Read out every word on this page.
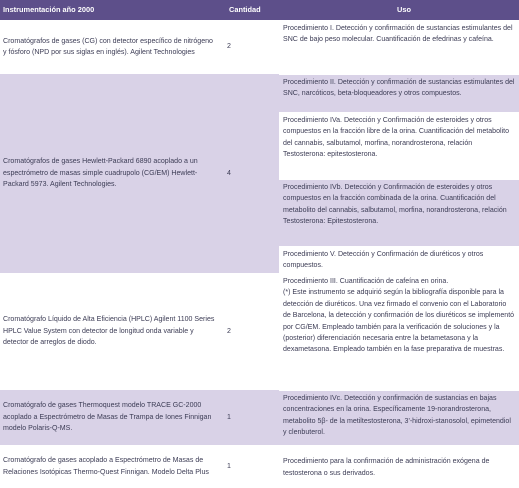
Instrumentación año 2000	Cantidad	Uso
Cromatógrafos de gases (CG) con detector específico de nitrógeno y fósforo (NPD por sus siglas en inglés). Agilent Technologies
2
Procedimiento I. Detección y confirmación de sustancias estimulantes del SNC de bajo peso molecular. Cuantificación de efedrinas y cafeína.
Cromatógrafos de gases Hewlett-Packard 6890 acoplado a un espectrómetro de masas simple cuadrupolo (CG/EM) Hewlett-Packard 5973. Agilent Technologies.
4
Procedimiento II. Detección y confirmación de sustancias estimulantes del SNC, narcóticos, beta-bloqueadores y otros compuestos.
Procedimiento IVa. Detección y Confirmación de esteroides y otros compuestos en la fracción libre de la orina. Cuantificación del metabolito del cannabis, salbutamol, morfina, norandrosterona, relación Testosterona: epitestosterona.
Procedimiento IVb. Detección y Confirmación de esteroides y otros compuestos en la fracción combinada de la orina. Cuantificación del metabolito del cannabis, salbutamol, morfina, norandrosterona, relación Testosterona: Epitestosterona.
Procedimiento V. Detección y Confirmación de diuréticos y otros compuestos.
Cromatógrafo Líquido de Alta Eficiencia (HPLC) Agilent 1100 Series HPLC Value System con detector de longitud onda variable y detector de arreglos de diodo.
2
Procedimiento III. Cuantificación de cafeína en orina.
(*) Este instrumento se adquirió según la bibliografía disponible para la detección de diuréticos. Una vez firmado el convenio con el Laboratorio de Barcelona, la detección y confirmación de los diuréticos se implementó por CG/EM. Empleado también para la verificación de soluciones y la (posterior) diferenciación necesaria entre la betametasona y la dexametasona. Empleado también en la fase preparativa de muestras.
Cromatógrafo de gases Thermoquest modelo TRACE GC-2000 acoplado a Espectrómetro de Masas de Trampa de Iones Finnigan modelo Polaris-Q-MS.
1
Procedimiento IVc. Detección y confirmación de sustancias en bajas concentraciones en la orina. Específicamente 19-norandrosterona, metabolito 5β- de la metiltestosterona, 3'-hidroxi-stanosolol, epimetendiol y clenbuterol.
Cromatógrafo de gases acoplado a Espectrómetro de Masas de Relaciones Isotópicas Thermo-Quest Finnigan. Modelo Delta Plus
1
Procedimiento para la confirmación de administración exógena de testosterona o sus derivados.
